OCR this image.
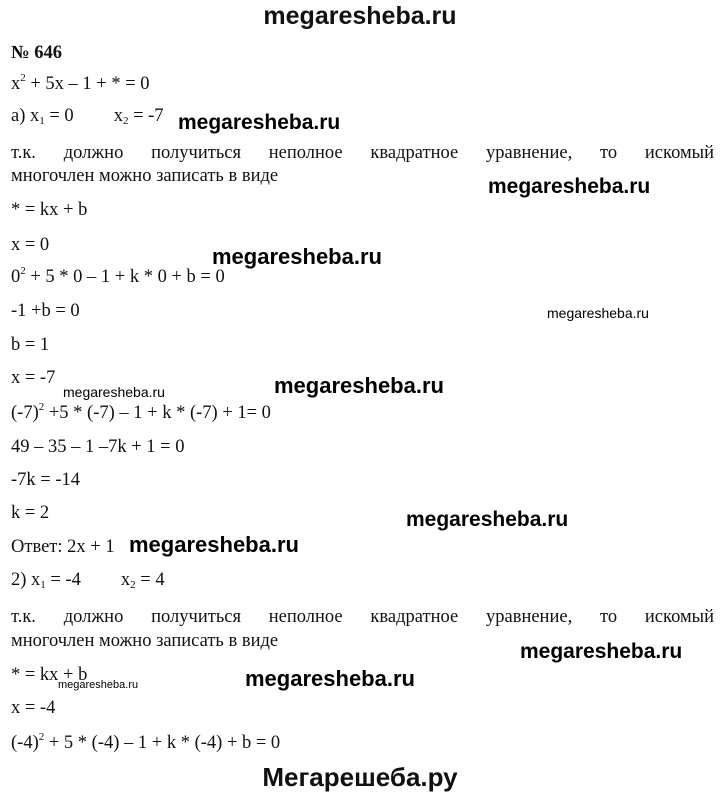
megaresheba.ru
№ 646
$x^2 + 5x - 1$ + * = 0
а) $x_1 = 0$ $x_2 = -7$
т.к. должно получиться неполное квадратное уравнение, то искомый
многочлен можно записать в виде
* = kx + b
x = 0
$0^2 + 5 * 0 - 1 + k * 0 + b = 0$
-1 +b = 0
b = 1
x = -7
$(-7)^2 +5 * (-7) - 1 + k * (-7) + 1= 0$
49 – 35 – 1 –7k + 1 = 0
-7k = -14
k = 2
Ответ: 2x + 1
2) $x_1 = -4$ $x_2 = 4$
т.к. должно получиться неполное квадратное уравнение, то искомый
многочлен можно записать в виде
* = kx + b
x = -4
$(-4)^2 + 5 * (-4) - 1 + k * (-4) + b = 0$
megaresheba.ru
megaresheba.ru
megaresheba.ru
megaresheba.ru
megaresheba.ru	megaresheba.ru
megaresheba.ru
megaresheba.ru
megaresheba.ru
megaresheba.ru
megaresheba.ru
Мегарешеба.ру
